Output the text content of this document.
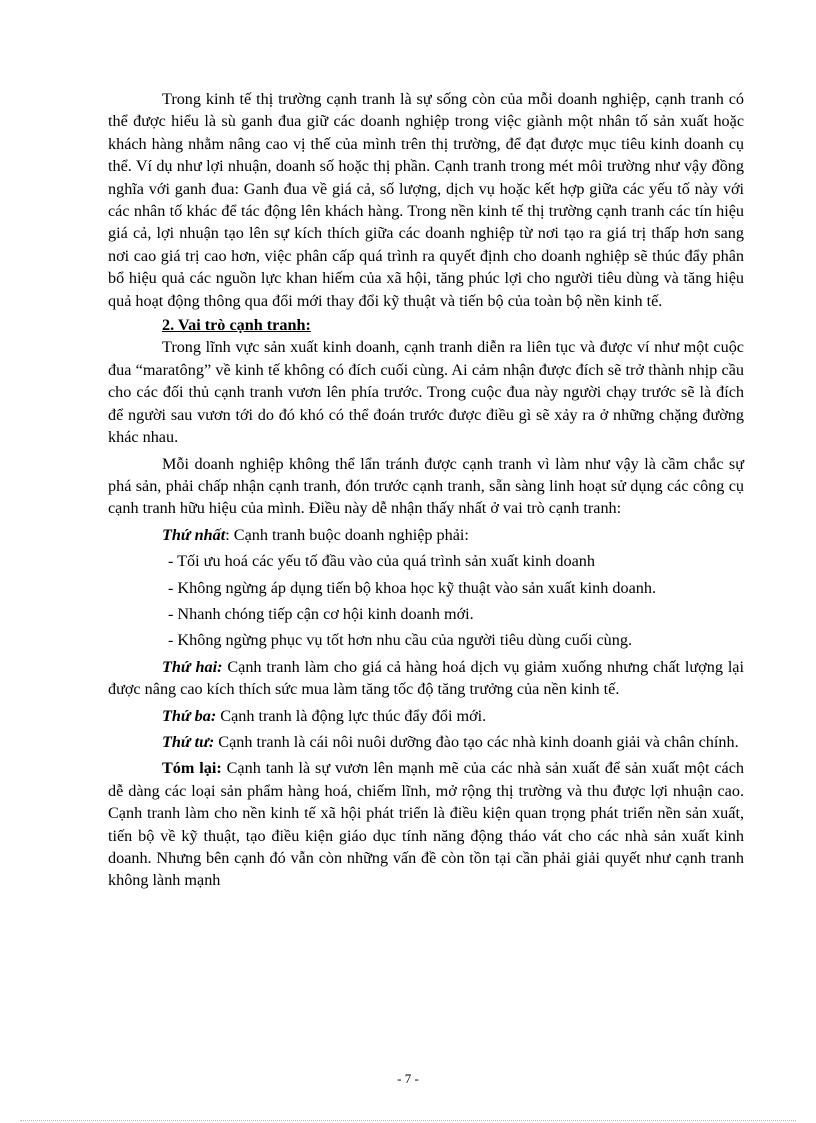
Trong kinh tế thị trường cạnh tranh là sự sống còn của mỗi doanh nghiệp, cạnh tranh có thể được hiểu là sù ganh đua giữ các doanh nghiệp trong việc giành một nhân tố sản xuất hoặc khách hàng nhằm nâng cao vị thế của mình trên thị trường, để đạt được mục tiêu kinh doanh cụ thể. Ví dụ như lợi nhuận, doanh số hoặc thị phần. Cạnh tranh trong mét môi trường như vậy đồng nghĩa với ganh đua: Ganh đua về giá cả, số lượng, dịch vụ hoặc kết hợp giữa các yếu tố này với các nhân tố khác để tác động lên khách hàng. Trong nền kinh tế thị trường cạnh tranh các tín hiệu giá cả, lợi nhuận tạo lên sự kích thích giữa các doanh nghiệp từ nơi tạo ra giá trị thấp hơn sang nơi cao giá trị cao hơn, việc phân cấp quá trình ra quyết định cho doanh nghiệp sẽ thúc đẩy phân bổ hiệu quả các nguồn lực khan hiếm của xã hội, tăng phúc lợi cho người tiêu dùng và tăng hiệu quả hoạt động thông qua đổi mới thay đổi kỹ thuật và tiến bộ của toàn bộ nền kinh tế.

2. Vai trò cạnh tranh:

Trong lĩnh vực sản xuất kinh doanh, cạnh tranh diễn ra liên tục và được ví như một cuộc đua “maratông” về kinh tế không có đích cuối cùng. Ai cảm nhận được đích sẽ trở thành nhịp cầu cho các đối thủ cạnh tranh vươn lên phía trước. Trong cuộc đua này người chạy trước sẽ là đích để người sau vươn tới do đó khó có thể đoán trước được điều gì sẽ xảy ra ở những chặng đường khác nhau.

Mỗi doanh nghiệp không thể lẩn tránh được cạnh tranh vì làm như vậy là cầm chắc sự phá sản, phải chấp nhận cạnh tranh, đón trước cạnh tranh, sẵn sàng linh hoạt sử dụng các công cụ cạnh tranh hữu hiệu của mình. Điều này dễ nhận thấy nhất ở vai trò cạnh tranh:

Thứ nhất: Cạnh tranh buộc doanh nghiệp phải:

- Tối ưu hoá các yếu tố đầu vào của quá trình sản xuất kinh doanh

- Không ngừng áp dụng tiến bộ khoa học kỹ thuật vào sản xuất kinh doanh.

- Nhanh chóng tiếp cận cơ hội kinh doanh mới.

- Không ngừng phục vụ tốt hơn nhu cầu của người tiêu dùng cuối cùng.

Thứ hai: Cạnh tranh làm cho giá cả hàng hoá dịch vụ giảm xuống nhưng chất lượng lại được nâng cao kích thích sức mua làm tăng tốc độ tăng trưởng của nền kinh tế.

Thứ ba: Cạnh tranh là động lực thúc đẩy đổi mới.

Thứ tư: Cạnh tranh là cái nôi nuôi dưỡng đào tạo các nhà kinh doanh giải và chân chính.

Tóm lại: Cạnh tanh là sự vươn lên mạnh mẽ của các nhà sản xuất để sản xuất một cách dễ dàng các loại sản phẩm hàng hoá, chiếm lĩnh, mở rộng thị trường và thu được lợi nhuận cao. Cạnh tranh làm cho nền kinh tế xã hội phát triển là điều kiện quan trọng phát triển nền sản xuất, tiến bộ về kỹ thuật, tạo điều kiện giáo dục tính năng động tháo vát cho các nhà sản xuất kinh doanh. Nhưng bên cạnh đó vẫn còn những vấn đề còn tồn tại cần phải giải quyết như cạnh tranh không lành mạnh

- 7 -
